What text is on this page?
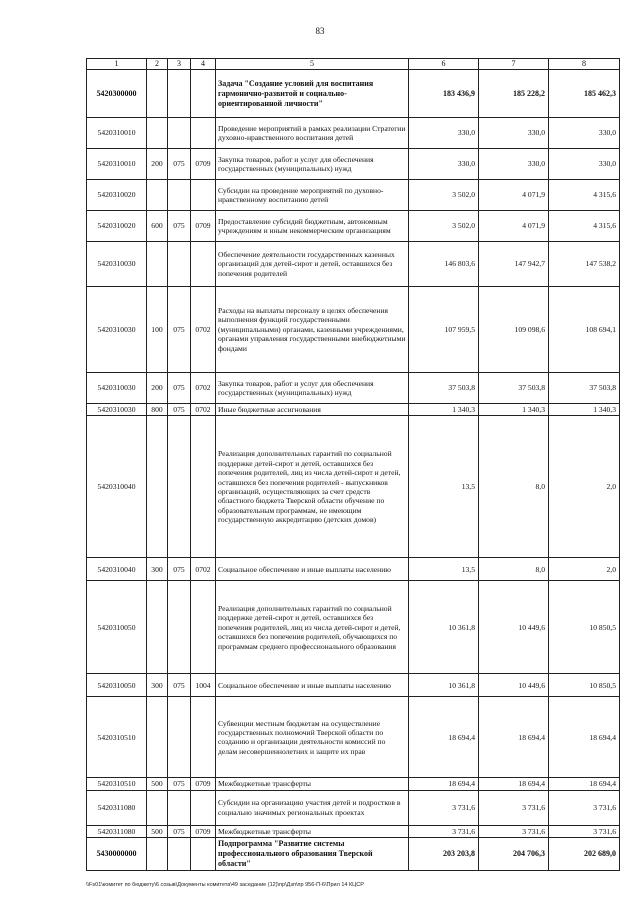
83
1	2	3	4	5	6	7	8
5420300000				Задача "Создание условий для воспитания гармонично-развитой и социально-ориентированной личности"	183 436,9	185 228,2	185 462,3
5420310010				Проведение мероприятий в рамках реализации Стратегии духовно-нравственного воспитания детей	330,0	330,0	330,0
5420310010	200	075	0709	Закупка товаров, работ и услуг для обеспечения государственных (муниципальных) нужд	330,0	330,0	330,0
5420310020				Субсидии на проведение мероприятий по духовно-нравственному воспитанию детей	3 502,0	4 071,9	4 315,6
5420310020	600	075	0709	Предоставление субсидий бюджетным, автономным учреждениям и иным некоммерческим организациям	3 502,0	4 071,9	4 315,6
5420310030				Обеспечение деятельности государственных казенных организаций для детей-сирот и детей, оставшихся без попечения родителей	146 803,6	147 942,7	147 538,2
5420310030	100	075	0702	Расходы на выплаты персоналу в целях обеспечения выполнения функций государственными (муниципальными) органами, казенными учреждениями, органами управления государственными внебюджетными фондами	107 959,5	109 098,6	108 694,1
5420310030	200	075	0702	Закупка товаров, работ и услуг для обеспечения государственных (муниципальных) нужд	37 503,8	37 503,8	37 503,8
5420310030	800	075	0702	Иные бюджетные ассигнования	1 340,3	1 340,3	1 340,3
5420310040				Реализация дополнительных гарантий по социальной поддержке детей-сирот и детей, оставшихся без попечения родителей, лиц из числа детей-сирот и детей, оставшихся без попечения родителей - выпускников организаций, осуществляющих за счет средств областного бюджета Тверской области обучение по образовательным программам, не имеющим государственную аккредитацию (детских домов)	13,5	8,0	2,0
5420310040	300	075	0702	Социальное обеспечение и иные выплаты населению	13,5	8,0	2,0
5420310050				Реализация дополнительных гарантий по социальной поддержке детей-сирот и детей, оставшихся без попечения родителей, лиц из числа детей-сирот и детей, оставшихся без попечения родителей, обучающихся по программам среднего профессионального образования	10 361,8	10 449,6	10 850,5
5420310050	300	075	1004	Социальное обеспечение и иные выплаты населению	10 361,8	10 449,6	10 850,5
5420310510				Субвенции местным бюджетам на осуществление государственных полномочий Тверской области по созданию и организации деятельности комиссий по делам несовершеннолетних и защите их прав	18 694,4	18 694,4	18 694,4
5420310510	500	075	0709	Межбюджетные трансферты	18 694,4	18 694,4	18 694,4
5420311080				Субсидии на организацию участия детей и подростков в социально значимых региональных проектах	3 731,6	3 731,6	3 731,6
5420311080	500	075	0709	Межбюджетные трансферты	3 731,6	3 731,6	3 731,6
5430000000				Подпрограмма "Развитие системы профессионального образования Тверской области"	203 203,8	204 706,3	202 689,0
\\Fs01\комитет по бюджету\6 созыв\Документы комитета\49 заседание (12)\пр\Дзп\пр 956-П-6\Прил 14 КЦСР
